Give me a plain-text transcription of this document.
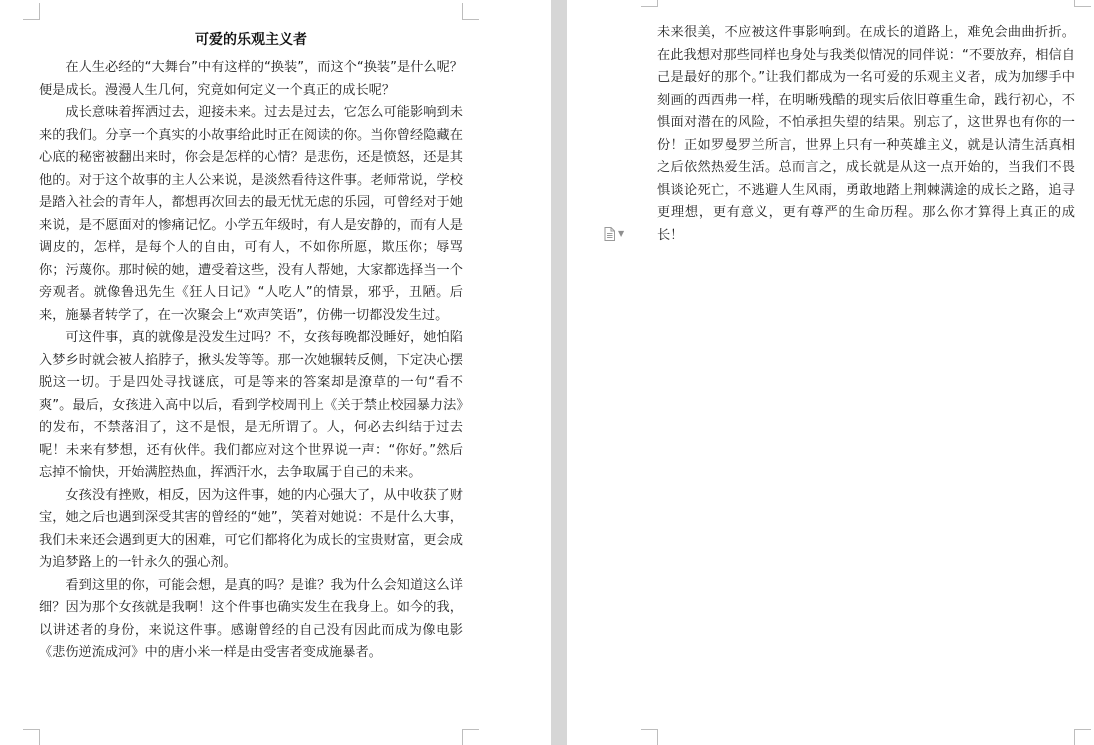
可爱的乐观主义者

在人生必经的“大舞台”中有这样的“换装”，而这个“换装”是什么呢？便是成长。漫漫人生几何，究竟如何定义一个真正的成长呢？

成长意味着挥洒过去，迎接未来。过去是过去，它怎么可能影响到未来的我们。分享一个真实的小故事给此时正在阅读的你。当你曾经隐藏在心底的秘密被翻出来时，你会是怎样的心情？是悲伤，还是愤怒，还是其他的。对于这个故事的主人公来说，是淡然看待这件事。老师常说，学校是踏入社会的青年人，都想再次回去的最无忧无虑的乐园，可曾经对于她来说，是不愿面对的惨痛记忆。小学五年级时，有人是安静的，而有人是调皮的，怎样，是每个人的自由，可有人，不如你所愿，欺压你；辱骂你；污蔑你。那时候的她，遭受着这些，没有人帮她，大家都选择当一个旁观者。就像鲁迅先生《狂人日记》“人吃人”的情景，邪乎，丑陋。后来，施暴者转学了，在一次聚会上“欢声笑语”，仿佛一切都没发生过。

可这件事，真的就像是没发生过吗？不，女孩每晚都没睡好，她怕陷入梦乡时就会被人掐脖子，揪头发等等。那一次她辗转反侧，下定决心摆脱这一切。于是四处寻找谜底，可是等来的答案却是潦草的一句“看不爽”。最后，女孩进入高中以后，看到学校周刊上《关于禁止校园暴力法》的发布，不禁落泪了，这不是恨，是无所谓了。人，何必去纠结于过去呢！未来有梦想，还有伙伴。我们都应对这个世界说一声：“你好。”然后忘掉不愉快，开始满腔热血，挥洒汗水，去争取属于自己的未来。

女孩没有挫败，相反，因为这件事，她的内心强大了，从中收获了财宝，她之后也遇到深受其害的曾经的“她”，笑着对她说：不是什么大事，我们未来还会遇到更大的困难，可它们都将化为成长的宝贵财富，更会成为追梦路上的一针永久的强心剂。

看到这里的你，可能会想，是真的吗？是谁？我为什么会知道这么详细？因为那个女孩就是我啊！这个件事也确实发生在我身上。如今的我，以讲述者的身份，来说这件事。感谢曾经的自己没有因此而成为像电影《悲伤逆流成河》中的唐小米一样是由受害者变成施暴者。

未来很美，不应被这件事影响到。在成长的道路上，难免会曲曲折折。在此我想对那些同样也身处与我类似情况的同伴说：“不要放弃，相信自己是最好的那个。”让我们都成为一名可爱的乐观主义者，成为加缪手中刻画的西西弗一样，在明晰残酷的现实后依旧尊重生命，践行初心，不惧面对潜在的风险，不怕承担失望的结果。别忘了，这世界也有你的一份！正如罗曼罗兰所言，世界上只有一种英雄主义，就是认清生活真相之后依然热爱生活。总而言之，成长就是从这一点开始的，当我们不畏惧谈论死亡，不逃避人生风雨，勇敢地踏上荆棘满途的成长之路，追寻更理想，更有意义，更有尊严的生命历程。那么你才算得上真正的成长！

▼
